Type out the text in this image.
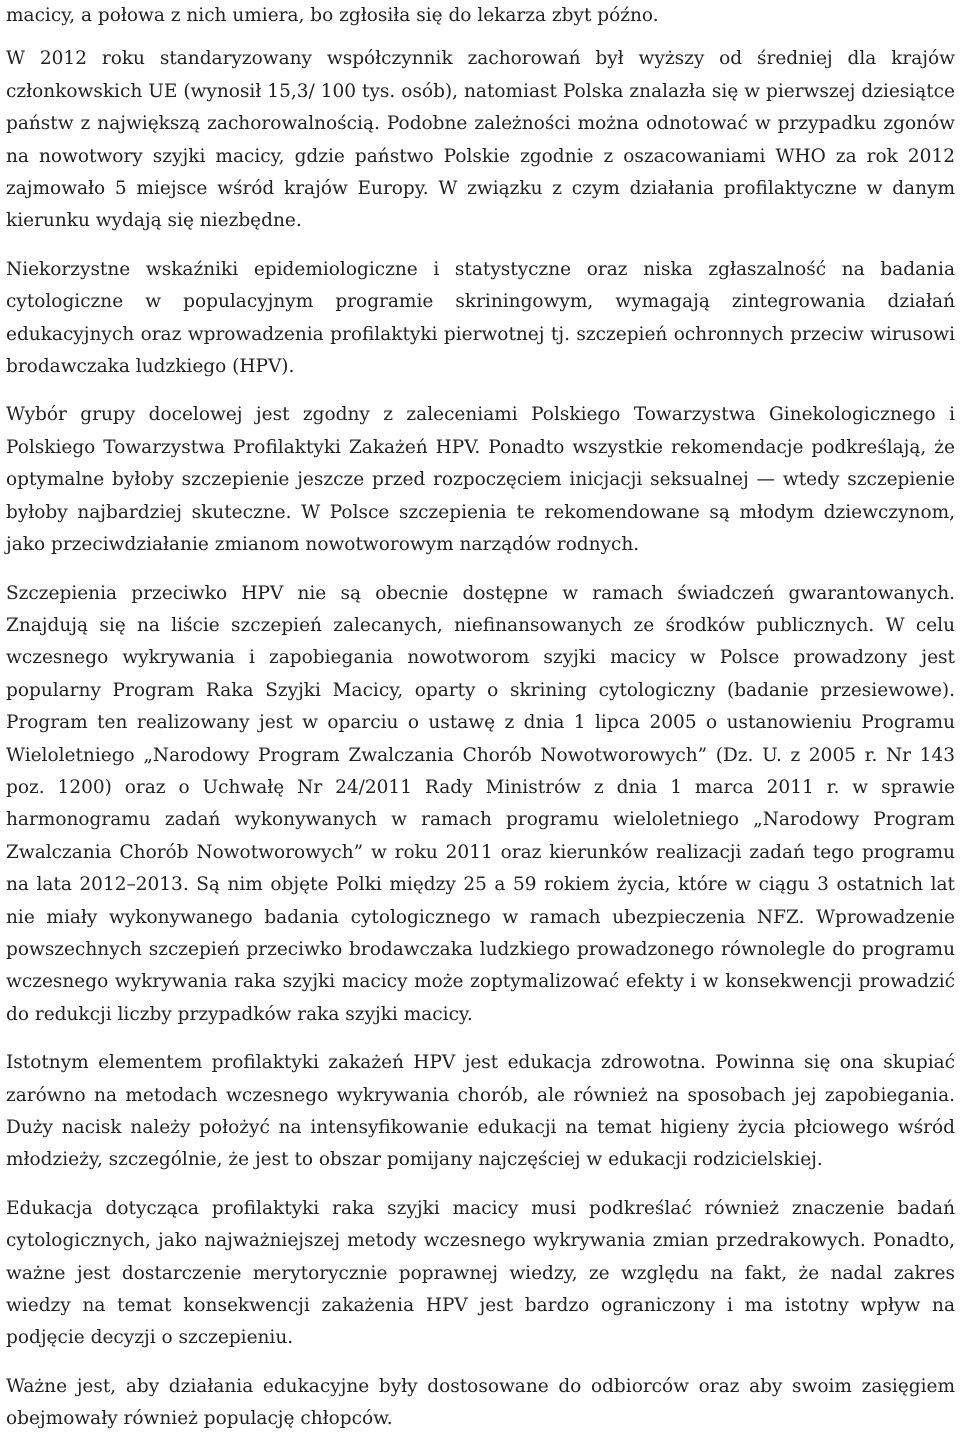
macicy, a połowa z nich umiera, bo zgłosiła się do lekarza zbyt późno.

W 2012 roku standaryzowany współczynnik zachorowań był wyższy od średniej dla krajów członkowskich UE (wynosił 15,3/ 100 tys. osób), natomiast Polska znalazła się w pierwszej dziesiątce państw z największą zachorowalnością. Podobne zależności można odnotować w przypadku zgonów na nowotwory szyjki macicy, gdzie państwo Polskie zgodnie z oszacowaniami WHO za rok 2012 zajmowało 5 miejsce wśród krajów Europy. W związku z czym działania profilaktyczne w danym kierunku wydają się niezbędne.

Niekorzystne wskaźniki epidemiologiczne i statystyczne oraz niska zgłaszalność na badania cytologiczne w populacyjnym programie skriningowym, wymagają zintegrowania działań edukacyjnych oraz wprowadzenia profilaktyki pierwotnej tj. szczepień ochronnych przeciw wirusowi brodawczaka ludzkiego (HPV).

Wybór grupy docelowej jest zgodny z zaleceniami Polskiego Towarzystwa Ginekologicznego i Polskiego Towarzystwa Profilaktyki Zakażeń HPV. Ponadto wszystkie rekomendacje podkreślają, że optymalne byłoby szczepienie jeszcze przed rozpoczęciem inicjacji seksualnej — wtedy szczepienie byłoby najbardziej skuteczne. W Polsce szczepienia te rekomendowane są młodym dziewczynom, jako przeciwdziałanie zmianom nowotworowym narządów rodnych.

Szczepienia przeciwko HPV nie są obecnie dostępne w ramach świadczeń gwarantowanych. Znajdują się na liście szczepień zalecanych, niefinansowanych ze środków publicznych. W celu wczesnego wykrywania i zapobiegania nowotworom szyjki macicy w Polsce prowadzony jest popularny Program Raka Szyjki Macicy, oparty o skrining cytologiczny (badanie przesiewowe). Program ten realizowany jest w oparciu o ustawę z dnia 1 lipca 2005 o ustanowieniu Programu Wieloletniego „Narodowy Program Zwalczania Chorób Nowotworowych” (Dz. U. z 2005 r. Nr 143 poz. 1200) oraz o Uchwałę Nr 24/2011 Rady Ministrów z dnia 1 marca 2011 r. w sprawie harmonogramu zadań wykonywanych w ramach programu wieloletniego „Narodowy Program Zwalczania Chorób Nowotworowych” w roku 2011 oraz kierunków realizacji zadań tego programu na lata 2012–2013. Są nim objęte Polki między 25 a 59 rokiem życia, które w ciągu 3 ostatnich lat nie miały wykonywanego badania cytologicznego w ramach ubezpieczenia NFZ. Wprowadzenie powszechnych szczepień przeciwko brodawczaka ludzkiego prowadzonego równolegle do programu wczesnego wykrywania raka szyjki macicy może zoptymalizować efekty i w konsekwencji prowadzić do redukcji liczby przypadków raka szyjki macicy.

Istotnym elementem profilaktyki zakażeń HPV jest edukacja zdrowotna. Powinna się ona skupiać zarówno na metodach wczesnego wykrywania chorób, ale również na sposobach jej zapobiegania. Duży nacisk należy położyć na intensyfikowanie edukacji na temat higieny życia płciowego wśród młodzieży, szczególnie, że jest to obszar pomijany najczęściej w edukacji rodzicielskiej.

Edukacja dotycząca profilaktyki raka szyjki macicy musi podkreślać również znaczenie badań cytologicznych, jako najważniejszej metody wczesnego wykrywania zmian przedrakowych. Ponadto, ważne jest dostarczenie merytorycznie poprawnej wiedzy, ze względu na fakt, że nadal zakres wiedzy na temat konsekwencji zakażenia HPV jest bardzo ograniczony i ma istotny wpływ na podjęcie decyzji o szczepieniu.

Ważne jest, aby działania edukacyjne były dostosowane do odbiorców oraz aby swoim zasięgiem obejmowały również populację chłopców.
